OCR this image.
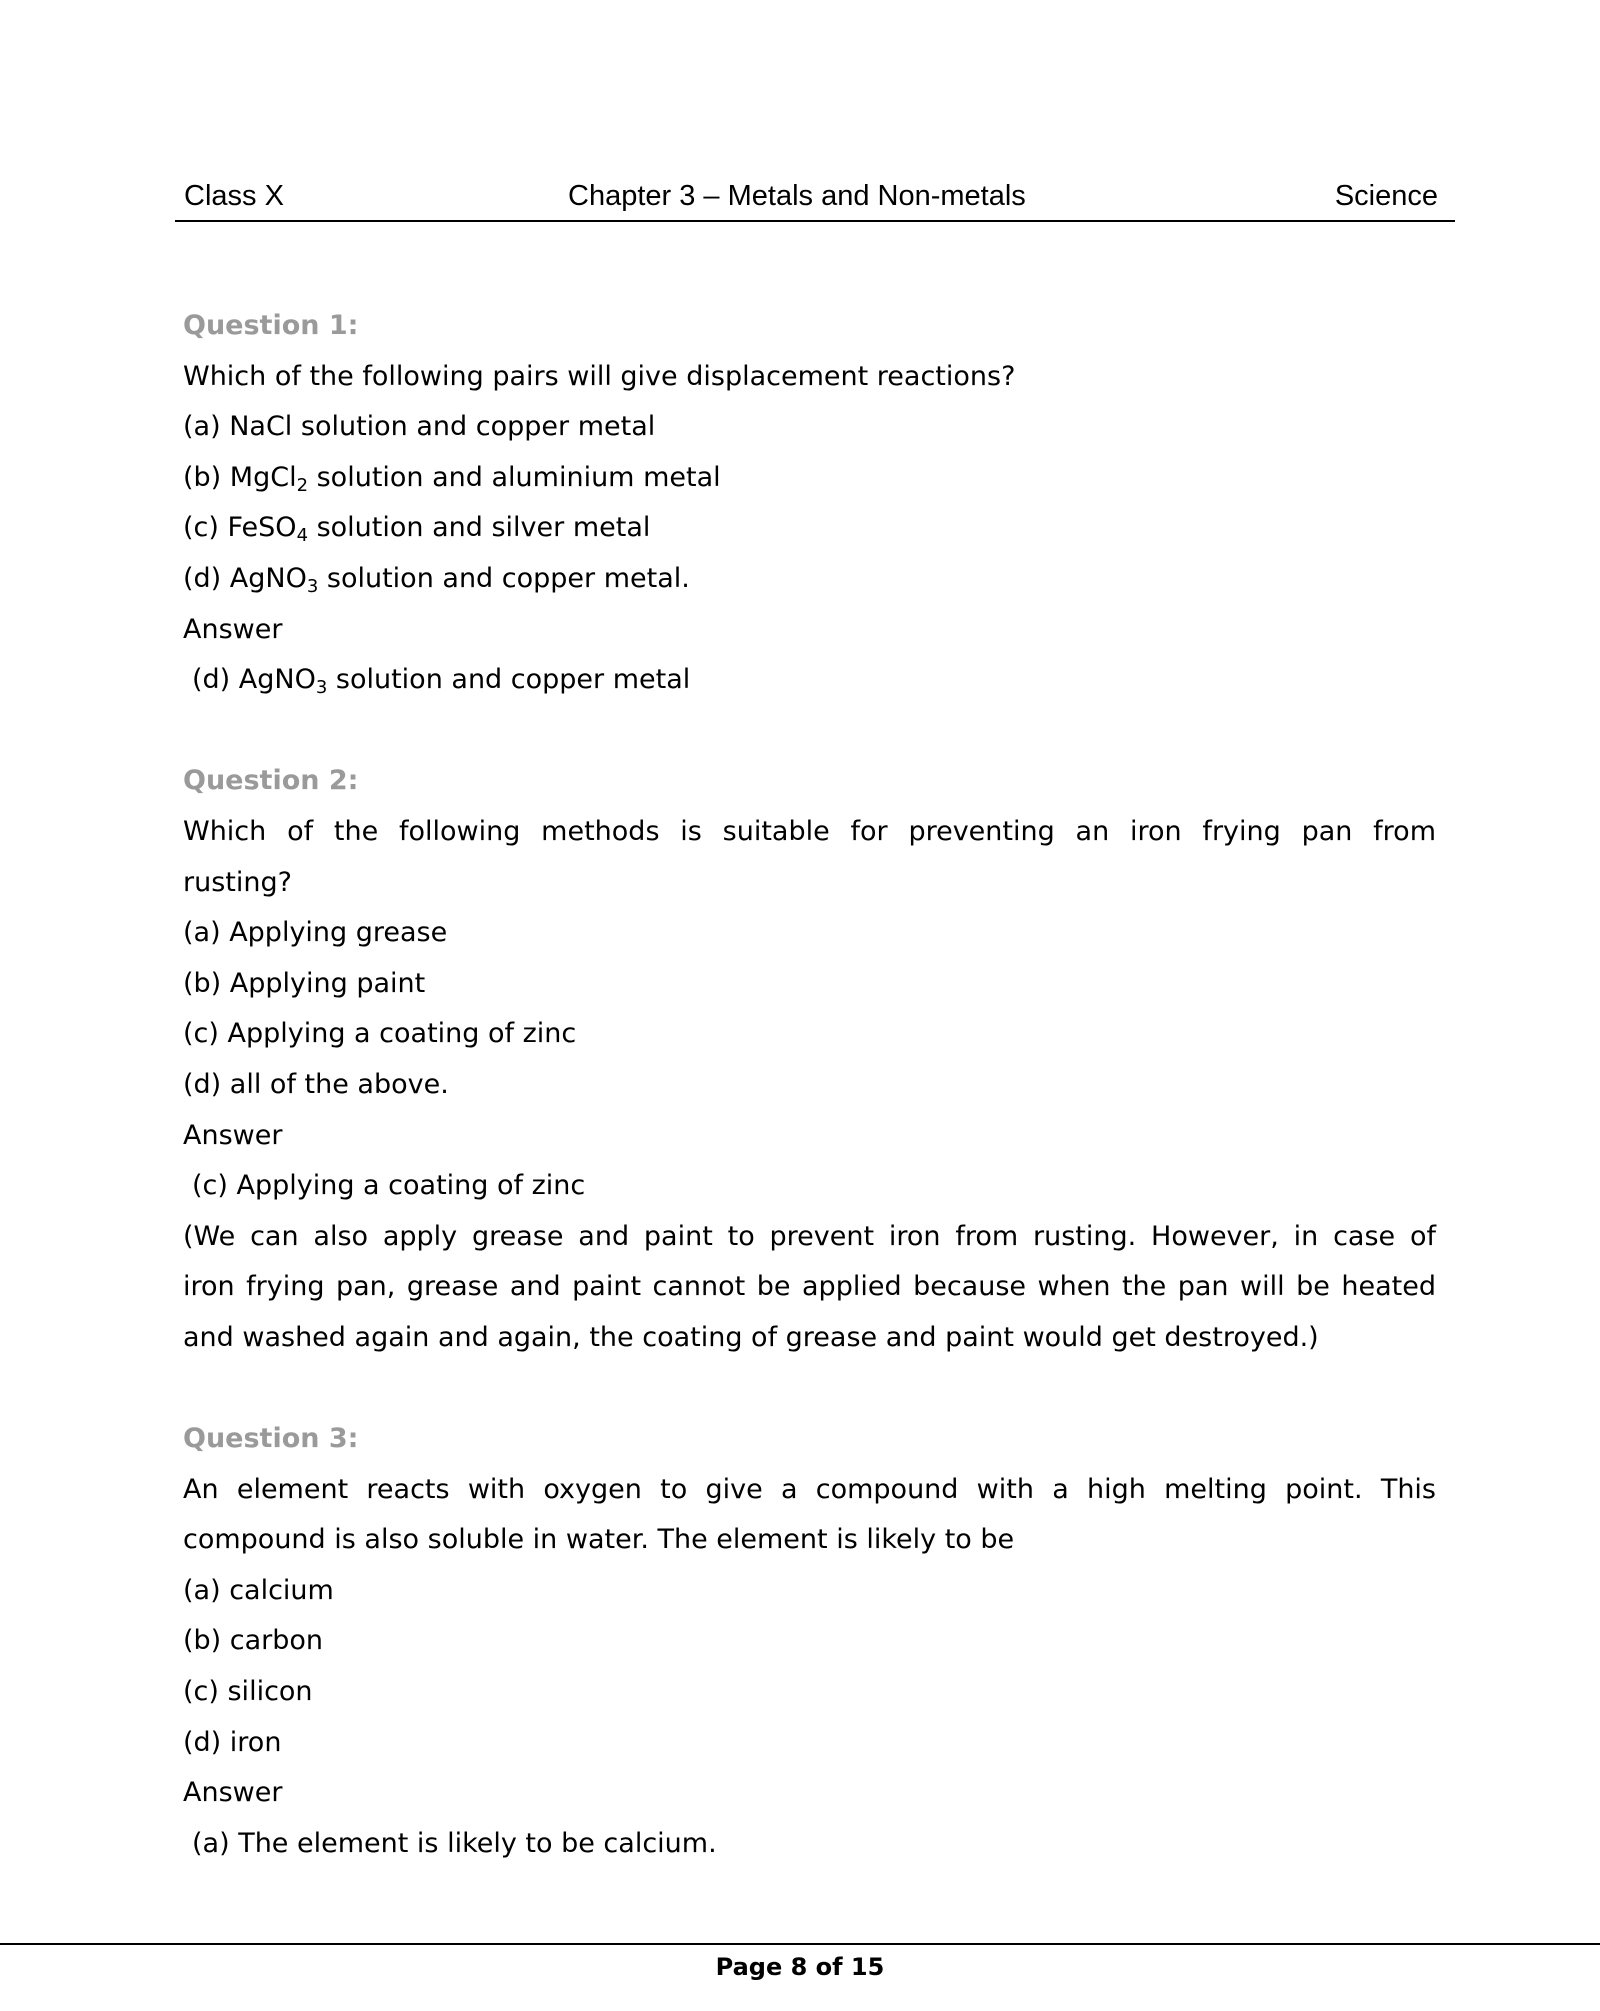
Class X	Chapter 3 – Metals and Non-metals	Science
Question 1:
Which of the following pairs will give displacement reactions?
(a) NaCl solution and copper metal
(b) MgCl$_2$ solution and aluminium metal
(c) FeSO$_4$ solution and silver metal
(d) AgNO$_3$ solution and copper metal.
Answer
(d) AgNO$_3$ solution and copper metal
Question 2:
Which of the following methods is suitable for preventing an iron frying pan from
rusting?
(a) Applying grease
(b) Applying paint
(c) Applying a coating of zinc
(d) all of the above.
Answer
(c) Applying a coating of zinc
(We can also apply grease and paint to prevent iron from rusting. However, in case of
iron frying pan, grease and paint cannot be applied because when the pan will be heated
and washed again and again, the coating of grease and paint would get destroyed.)
Question 3:
An element reacts with oxygen to give a compound with a high melting point. This
compound is also soluble in water. The element is likely to be
(a) calcium
(b) carbon
(c) silicon
(d) iron
Answer
(a) The element is likely to be calcium.
Page 8 of 15
